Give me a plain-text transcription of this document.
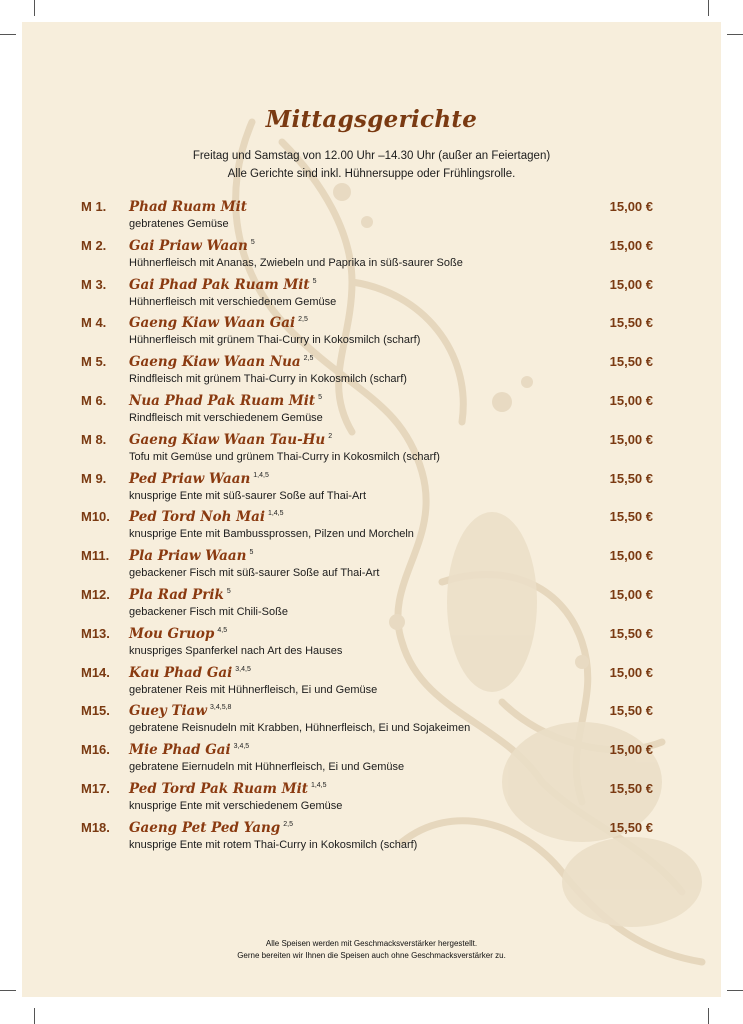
Mittagsgerichte
Freitag und Samstag von 12.00 Uhr –14.30 Uhr (außer an Feiertagen)
Alle Gerichte sind inkl. Hühnersuppe oder Frühlingsrolle.
M 1. Phad Ruam Mit
gebratenes Gemüse
15,00 €
M 2. Gai Priaw Waan $^5$
Hühnerfleisch mit Ananas, Zwiebeln und Paprika in süß-saurer Soße
15,00 €
M 3. Gai Phad Pak Ruam Mit $^5$
Hühnerfleisch mit verschiedenem Gemüse
15,00 €
M 4. Gaeng Kiaw Waan Gai $^{2,5}$
Hühnerfleisch mit grünem Thai-Curry in Kokosmilch (scharf)
15,50 €
M 5. Gaeng Kiaw Waan Nua $^{2,5}$
Rindfleisch mit grünem Thai-Curry in Kokosmilch (scharf)
15,50 €
M 6. Nua Phad Pak Ruam Mit $^5$
Rindfleisch mit verschiedenem Gemüse
15,00 €
M 8. Gaeng Kiaw Waan Tau-Hu $^2$
Tofu mit Gemüse und grünem Thai-Curry in Kokosmilch (scharf)
15,00 €
M 9. Ped Priaw Waan $^{1,4,5}$
knusprige Ente mit süß-saurer Soße auf Thai-Art
15,50 €
M10. Ped Tord Noh Mai $^{1,4,5}$
knusprige Ente mit Bambussprossen, Pilzen und Morcheln
15,50 €
M11. Pla Priaw Waan $^5$
gebackener Fisch mit süß-saurer Soße auf Thai-Art
15,00 €
M12. Pla Rad Prik $^5$
gebackener Fisch mit Chili-Soße
15,00 €
M13. Mou Gruop $^{4,5}$
knuspriges Spanferkel nach Art des Hauses
15,50 €
M14. Kau Phad Gai $^{3,4,5}$
gebratener Reis mit Hühnerfleisch, Ei und Gemüse
15,00 €
M15. Guey Tiaw $^{3,4,5,8}$
gebratene Reisnudeln mit Krabben, Hühnerfleisch, Ei und Sojakeimen
15,50 €
M16. Mie Phad Gai $^{3,4,5}$
gebratene Eiernudeln mit Hühnerfleisch, Ei und Gemüse
15,00 €
M17. Ped Tord Pak Ruam Mit $^{1,4,5}$
knusprige Ente mit verschiedenem Gemüse
15,50 €
M18. Gaeng Pet Ped Yang $^{2,5}$
knusprige Ente mit rotem Thai-Curry in Kokosmilch (scharf)
15,50 €
Alle Speisen werden mit Geschmacksverstärker hergestellt.
Gerne bereiten wir Ihnen die Speisen auch ohne Geschmacksverstärker zu.
